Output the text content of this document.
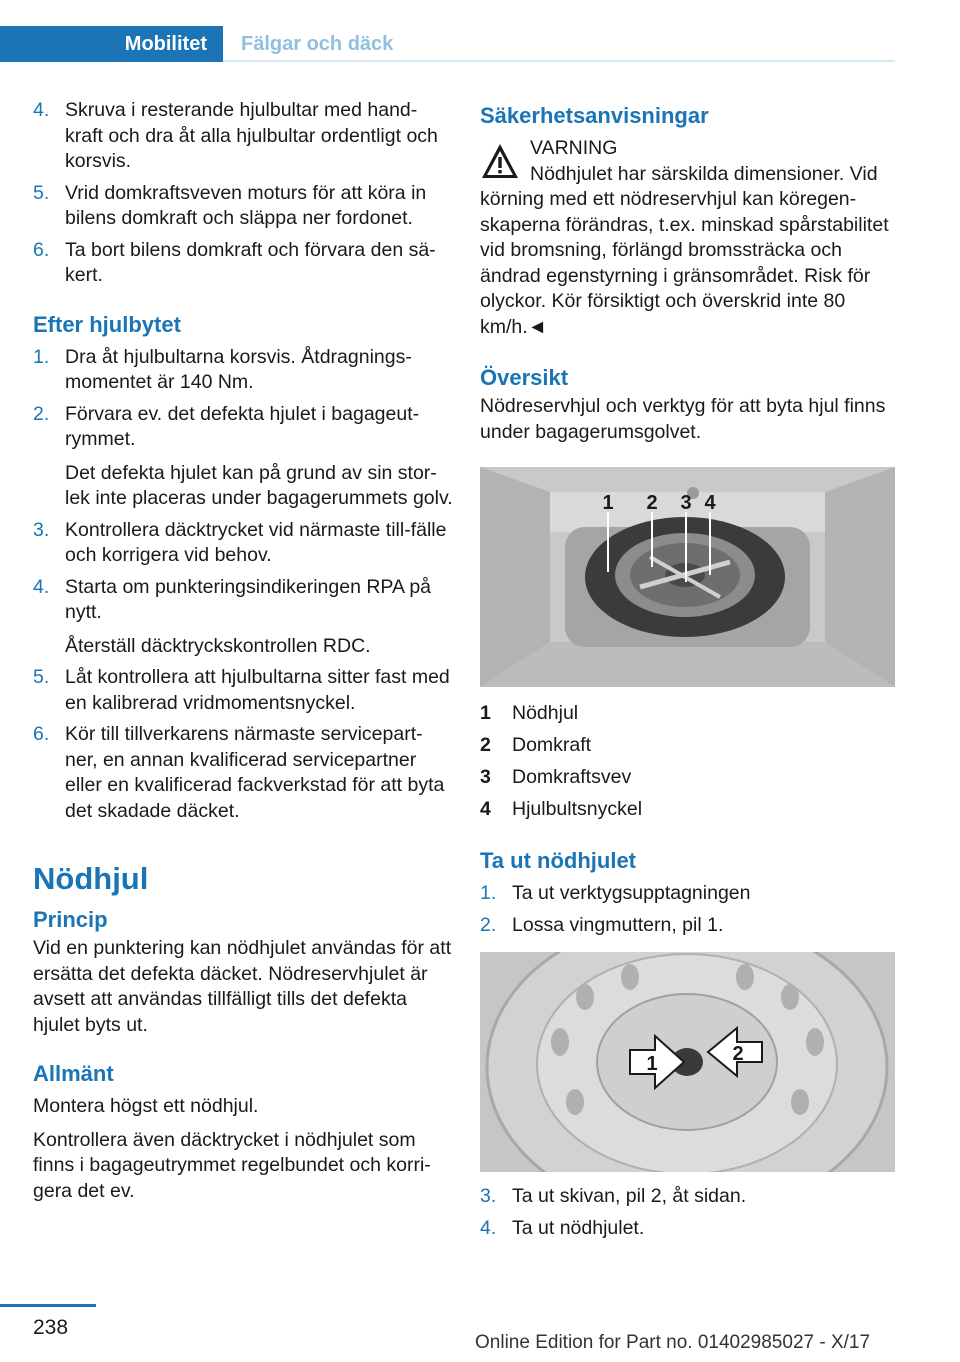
Mobilitet	Fälgar och däck
4. Skruva i resterande hjulbultar med hand-kraft och dra åt alla hjulbultar ordentligt och korsvis.

5. Vrid domkraftsveven moturs för att köra in bilens domkraft och släppa ner fordonet.

6. Ta bort bilens domkraft och förvara den sä-kert.

Efter hjulbytet
1. Dra åt hjulbultarna korsvis. Åtdragnings-momentet är 140 Nm.

2. Förvara ev. det defekta hjulet i bagageut-rymmet.

Det defekta hjulet kan på grund av sin stor-lek inte placeras under bagagerummets golv.

3. Kontrollera däcktrycket vid närmaste till-fälle och korrigera vid behov.

4. Starta om punkteringsindikeringen RPA på nytt.

Återställ däcktryckskontrollen RDC.

5. Låt kontrollera att hjulbultarna sitter fast med en kalibrerad vridmomentsnyckel.

6. Kör till tillverkarens närmaste servicepart-ner, en annan kvalificerad servicepartner eller en kvalificerad fackverkstad för att byta det skadade däcket.

Nödhjul
Princip

Vid en punktering kan nödhjulet användas för att ersätta det defekta däcket. Nödreservhjulet är avsett att användas tillfälligt tills det defekta hjulet byts ut.

Allmänt

Montera högst ett nödhjul.

Kontrollera även däcktrycket i nödhjulet som finns i bagageutrymmet regelbundet och korri-gera det ev.

Säkerhetsanvisningar
VARNING
Nödhjulet har särskilda dimensioner. Vid
körning med ett nödreservhjul kan köregen-skaperna förändras, t.ex. minskad spårstabilitet vid bromsning, förlängd bromssträcka och ändrad egenstyrning i gränsområdet. Risk för olyckor. Kör försiktigt och överskrid inte 80 km/h.◄
Översikt

Nödreservhjul och verktyg för att byta hjul finns under bagagerumsgolvet.

1 2 3 4
1	Nödhjul
2	Domkraft
3	Domkraftsvev
4	Hjulbultsnyckel
Ta ut nödhjulet
1. Ta ut verktygsupptagningen

2. Lossa vingmuttern, pil 1.

1	2
3. Ta ut skivan, pil 2, åt sidan.

4. Ta ut nödhjulet.

238
Online Edition for Part no. 01402985027 - X/17
